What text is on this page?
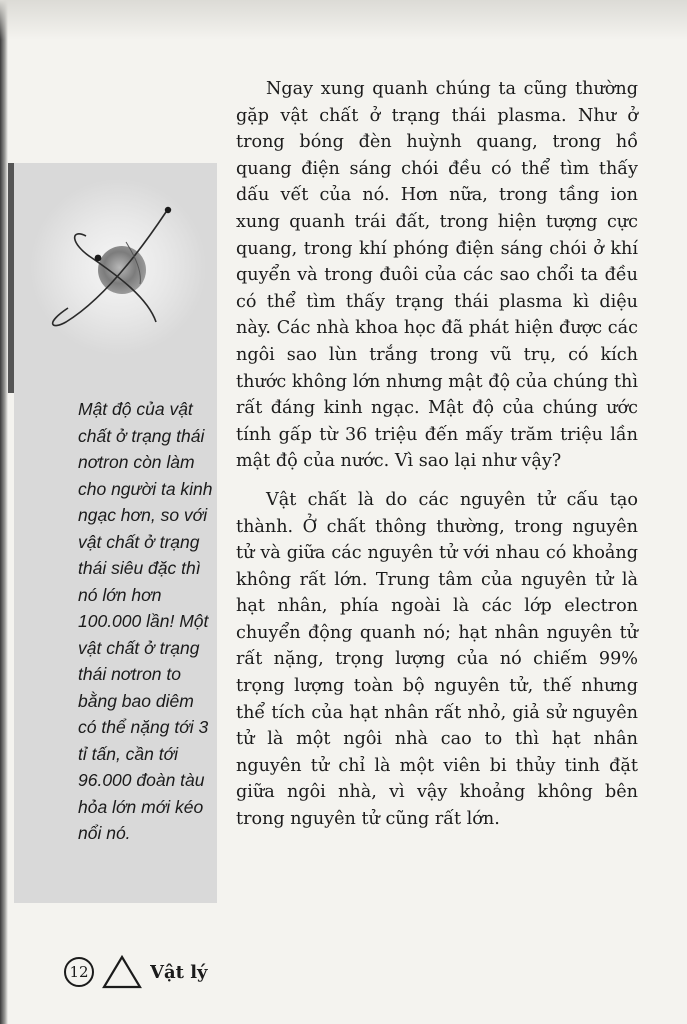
Mật độ của vật chất ở trạng thái nơtron còn làm cho người ta kinh ngạc hơn, so với vật chất ở trạng thái siêu đặc thì nó lớn hơn 100.000 lần! Một vật chất ở trạng thái nơtron to bằng bao diêm có thể nặng tới 3 tỉ tấn, cần tới 96.000 đoàn tàu hỏa lớn mới kéo nổi nó.

Ngay xung quanh chúng ta cũng thường gặp vật chất ở trạng thái plasma. Như ở trong bóng đèn huỳnh quang, trong hồ quang điện sáng chói đều có thể tìm thấy dấu vết của nó. Hơn nữa, trong tầng ion xung quanh trái đất, trong hiện tượng cực quang, trong khí phóng điện sáng chói ở khí quyển và trong đuôi của các sao chổi ta đều có thể tìm thấy trạng thái plasma kì diệu này. Các nhà khoa học đã phát hiện được các ngôi sao lùn trắng trong vũ trụ, có kích thước không lớn nhưng mật độ của chúng thì rất đáng kinh ngạc. Mật độ của chúng ước tính gấp từ 36 triệu đến mấy trăm triệu lần mật độ của nước. Vì sao lại như vậy?

Vật chất là do các nguyên tử cấu tạo thành. Ở chất thông thường, trong nguyên tử và giữa các nguyên tử với nhau có khoảng không rất lớn. Trung tâm của nguyên tử là hạt nhân, phía ngoài là các lớp electron chuyển động quanh nó; hạt nhân nguyên tử rất nặng, trọng lượng của nó chiếm 99% trọng lượng toàn bộ nguyên tử, thế nhưng thể tích của hạt nhân rất nhỏ, giả sử nguyên tử là một ngôi nhà cao to thì hạt nhân nguyên tử chỉ là một viên bi thủy tinh đặt giữa ngôi nhà, vì vậy khoảng không bên trong nguyên tử cũng rất lớn.

12	Vật lý
